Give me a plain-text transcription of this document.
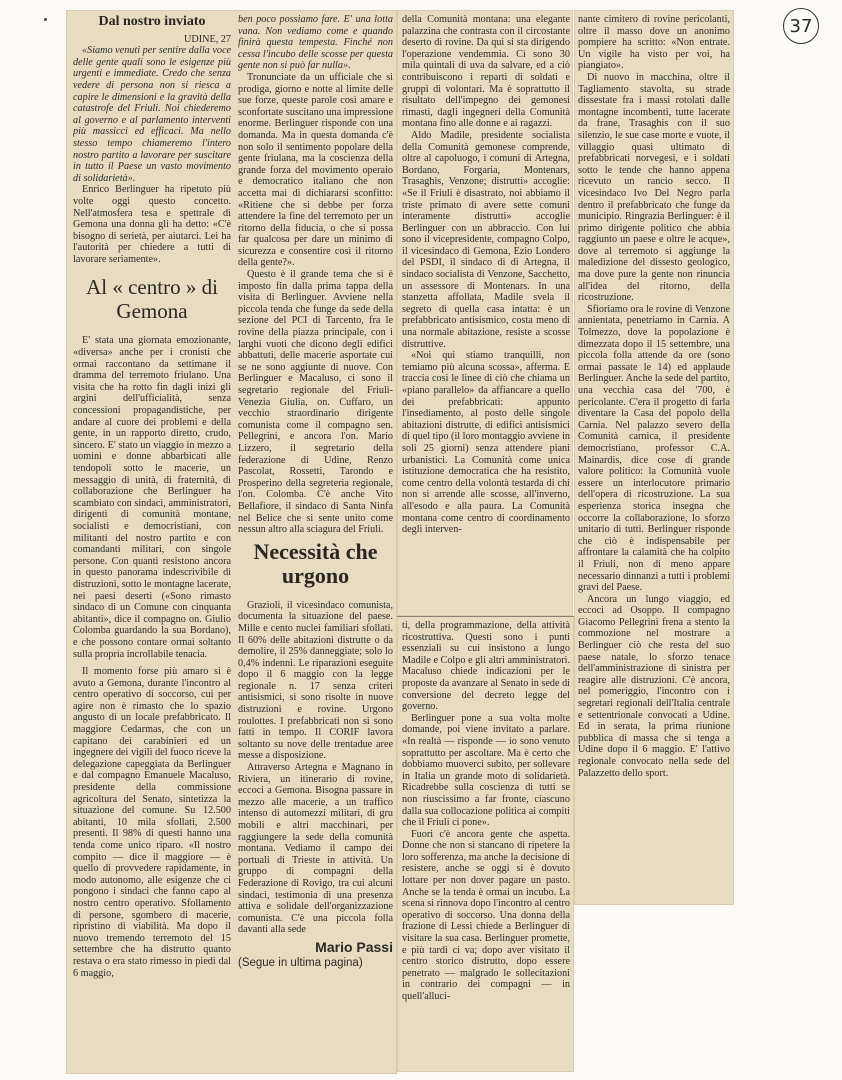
37
Dal nostro inviato

UDINE, 27

«Siamo venuti per sentire dalla voce delle gente quali sono le esigenze più urgenti e immediate. Credo che senza vedere di persona non si riesca a capire le dimensioni e la gravità della catastrofe del Friuli. Noi chiederemo al governo e al parlamento interventi più massicci ed efficaci. Ma nello stesso tempo chiameremo l'intero nostro partito a lavorare per suscitare in tutto il Paese un vasto movimento di solidarietà».

Enrico Berlinguer ha ripetuto più volte oggi questo concetto. Nell'atmosfera tesa e spettrale di Gemona una donna gli ha detto: «C'è bisogno di serietà, per aiutarci. Lei ha l'autorità per chiedere a tutti di lavorare seriamente».

Al « centro » di Gemona

E' stata una giornata emozionante, «diversa» anche per i cronisti che ormai raccontano da settimane il dramma del terremoto friulano. Una visita che ha rotto fin dagli inizi gli argini dell'ufficialità, senza concessioni propagandistiche, per andare al cuore dei problemi e della gente, in un rapporto diretto, crudo, sincero. E' stato un viaggio in mezzo a uomini e donne abbarbicati alle tendopoli sotto le macerie, un messaggio di unità, di fraternità, di collaborazione che Berlinguer ha scambiato con sindaci, amministratori, dirigenti di comunità montane, socialisti e democristiani, con militanti del nostro partito e con comandanti militari, con singole persone. Con quanti resistono ancora in questo panorama indescrivibile di distruzioni, sotto le montagne lacerate, nei paesi deserti («Sono rimasto sindaco di un Comune con cinquanta abitanti», dice il compagno on. Giulio Colomba guardando la sua Bordano), e che possono contare ormai soltanto sulla propria incrollabile tenacia.

Il momento forse più amaro si è avuto a Gemona, durante l'incontro al centro operativo di soccorso, cui per agire non è rimasto che lo spazio angusto di un locale prefabbricato. Il maggiore Cedarmas, che con un capitano dei carabinieri ed un ingegnere dei vigili del fuoco riceve la delegazione capeggiata da Berlinguer e dal compagno Emanuele Macaluso, presidente della commissione agricoltura del Senato, sintetizza la situazione del comune. Su 12.500 abitanti, 10 mila sfollati, 2.500 presenti. Il 98% di questi hanno una tenda come unico riparo. «Il nostro compito — dice il maggiore — è quello di provvedere rapidamente, in modo autonomo, alle esigenze che ci pongono i sindaci che fanno capo al nostro centro operativo. Sfollamento di persone, sgombero di macerie, ripristino di viabilità. Ma dopo il nuovo tremendo terremoto del 15 settembre che ha distrutto quanto restava o era stato rimesso in piedi dal 6 maggio,

ben poco possiamo fare. E' una lotta vana. Non vediamo come e quando finirà questa tempesta. Finché non cessa l'incubo delle scosse per questa gente non si può far nulla».

Tronunciate da un ufficiale che si prodiga, giorno e notte al limite delle sue forze, queste parole così amare e sconfortate suscitano una impressione enorme. Berlinguer risponde con una domanda. Ma in questa domanda c'è non solo il sentimento popolare della gente friulana, ma la coscienza della grande forza del movimento operaio e democratico italiano che non accetta mai di dichiararsi sconfitto: «Ritiene che si debbe per forza attendere la fine del terremoto per un ritorno della fiducia, o che si possa far qualcosa per dare un minimo di sicurezza e consentire così il ritorno della gente?».

Questo è il grande tema che si è imposto fin dalla prima tappa della visita di Berlinguer. Avviene nella piccola tenda che funge da sede della sezione del PCI di Tarcento, fra le rovine della piazza principale, con i larghi vuoti che dicono degli edifici abbattuti, delle macerie asportate cui se ne sono aggiunte di nuove. Con Berlinguer e Macaluso, ci sono il segretario regionale del Friuli-Venezia Giulia, on. Cuffaro, un vecchio straordinario dirigente comunista come il compagno sen. Pellegrini, e ancora l'on. Mario Lizzero, il segretario della federazione di Udine, Renzo Pascolat, Rossetti, Tarondo e Prosperino della segreteria regionale, l'on. Colomba. C'è anche Vito Bellafiore, il sindaco di Santa Ninfa nel Belice che si sente unito come nessun altro alla sciagura del Friuli.

Necessità che urgono

Grazioli, il vicesindaco comunista, documenta la situazione del paese. Mille e cento nuclei familiari sfollati. Il 60% delle abitazioni distrutte o da demolire, il 25% danneggiate; solo lo 0,4% indenni. Le riparazioni eseguite dopo il 6 maggio con la legge regionale n. 17 senza criteri antisismici, si sono risolte in nuove distruzioni e rovine. Urgono roulottes. I prefabbricati non si sono fatti in tempo. Il CORIF lavora soltanto su nove delle trentadue aree messe a disposizione.

Attraverso Artegna e Magnano in Riviera, un itinerario di rovine, eccoci a Gemona. Bisogna passare in mezzo alle macerie, a un traffico intenso di automezzi militari, di gru mobili e altri macchinari, per raggiungere la sede della comunità montana. Vediamo il campo dei portuali di Trieste in attività. Un gruppo di compagni della Federazione di Rovigo, tra cui alcuni sindaci, testimonia di una presenza attiva e solidale dell'organizzazione comunista. C'è una piccola folla davanti alla sede

Mario Passi
(Segue in ultima pagina)

della Comunità montana: una elegante palazzina che contrasta con il circostante deserto di rovine. Da qui si sta dirigendo l'operazione vendemmia. Ci sono 30 mila quintali di uva da salvare, ed a ciò contribuiscono i reparti di soldati e gruppi di volontari. Ma è soprattutto il risultato dell'impegno dei gemonesi rimasti, dagli ingegneri della Comunità montana fino alle donne e ai ragazzi.

Aldo Madile, presidente socialista della Comunità gemonese comprende, oltre al capoluogo, i comuni di Artegna, Bordano, Forgaria, Montenars, Trasaghis, Venzone; distrutti» accoglie: «Se il Friuli è disastrato, noi abbiamo il triste primato di avere sette comuni interamente distrutti» accoglie Berlinguer con un abbraccio. Con lui sono il vicepresidente, compagno Colpo, il vicesindaco di Gemona, Ezio Londero del PSDI, il sindaco di di Artegna, il sindaco socialista di Venzone, Sacchetto, un assessore di Montenars. In una stanzetta affollata, Madile svela il segreto di quella casa intatta: è un prefabbricato antisismico, costa meno di una normale abitazione, resiste a scosse distruttive.

«Noi qui stiamo tranquilli, non temiamo più alcuna scossa», afferma. E traccia così le linee di ciò che chiama un «piano parallelo» da affiancare a quello dei prefabbricati: appunto l'insediamento, al posto delle singole abitazioni distrutte, di edifici antisismici di quel tipo (il loro montaggio avviene in soli 25 giorni) senza attendere piani urbanistici. La Comunità come unica istituzione democratica che ha resistito, come centro della volontà testarda di chi non si arrende alle scosse, all'inverno, all'esodo e alla paura. La Comunità montana come centro di coordinamento degli interven-

ti, della programmazione, della attività ricostruttiva. Questi sono i punti essenziali su cui insistono a lungo Madile e Colpo e gli altri amministratori. Macaluso chiede indicazioni per le proposte da avanzare al Senato in sede di conversione del decreto legge del governo.

Berlinguer pone a sua volta molte domande, poi viene invitato a parlare. «In realtà — risponde — io sono venuto soprattutto per ascoltare. Ma è certo che dobbiamo muoverci subito, per sollevare in Italia un grande moto di solidarietà. Ricadrebbe sulla coscienza di tutti se non riuscissimo a far fronte, ciascuno dalla sua collocazione politica ai compiti che il Friuli ci pone».

Fuori c'è ancora gente che aspetta. Donne che non si stancano di ripetere la loro sofferenza, ma anche la decisione di resistere, anche se oggi si è dovuto lottare per non dover pagare un pasto. Anche se la tenda è ormai un incubo. La scena si rinnova dopo l'incontro al centro operativo di soccorso. Una donna della frazione di Lessi chiede a Berlinguer di visitare la sua casa. Berlinguer promette, e più tardi ci va; dopo aver visitato il centro storico distrutto, dopo essere penetrato — malgrado le sollecitazioni in contrario dei compagni — in quell'alluci-

nante cimitero di rovine pericolanti, oltre il masso dove un anonimo pompiere ha scritto: «Non entrate. Un vigile ha visto per voi, ha piangiato».

Di nuovo in macchina, oltre il Tagliamento stavolta, su strade dissestate fra i massi rotolati dalle montagne incombenti, tutte lacerate da frane, Trasaghis con il suo silenzio, le sue case morte e vuote, il villaggio quasi ultimato di prefabbricati norvegesi, e i soldati sotto le tende che hanno appena ricevuto un rancio secco. Il vicesindaco Ivo Del Negro parla dentro il prefabbricato che funge da municipio. Ringrazia Berlinguer: è il primo dirigente politico che abbia raggiunto un paese e oltre le acque», dove al terremoto si aggiunge la maledizione del dissesto geologico, ma dove pure la gente non rinuncia all'idea del ritorno, della ricostruzione.

Sfioriamo ora le rovine di Venzone annientata, penetriamo in Carnia. A Tolmezzo, dove la popolazione è dimezzata dopo il 15 settembre, una piccola folla attende da ore (sono ormai passate le 14) ed applaude Berlinguer. Anche la sede del partito, una vecchia casa del '700, è pericolante. C'era il progetto di farla diventare la Casa del popolo della Carnia. Nel palazzo severo della Comunità carnica, il presidente democristiano, professor C.A. Mainardis, dice cose di grande valore politico: la Comunità vuole essere un interlocutore primario dell'opera di ricostruzione. La sua esperienza storica insegna che occorre la collaborazione, lo sforzo unitario di tutti. Berlinguer risponde che ciò è indispensabile per affrontare la calamità che ha colpito il Friuli, non di meno appare necessario dinnanzi a tutti i problemi gravi del Paese.

Ancora un lungo viaggio, ed eccoci ad Osoppo. Il compagno Giacomo Pellegrini frena a stento la commozione nel mostrare a Berlinguer ciò che resta del suo paese natale, lo sforzo tenace dell'amministrazione di sinistra per reagire alle distruzioni. C'è ancora, nel pomeriggio, l'incontro con i segretari regionali dell'Italia centrale e settentrionale convocati a Udine. Ed in serata, la prima riunione pubblica di massa che si tenga a Udine dopo il 6 maggio. E' l'attivo regionale convocato nella sede del Palazzetto dello sport.
